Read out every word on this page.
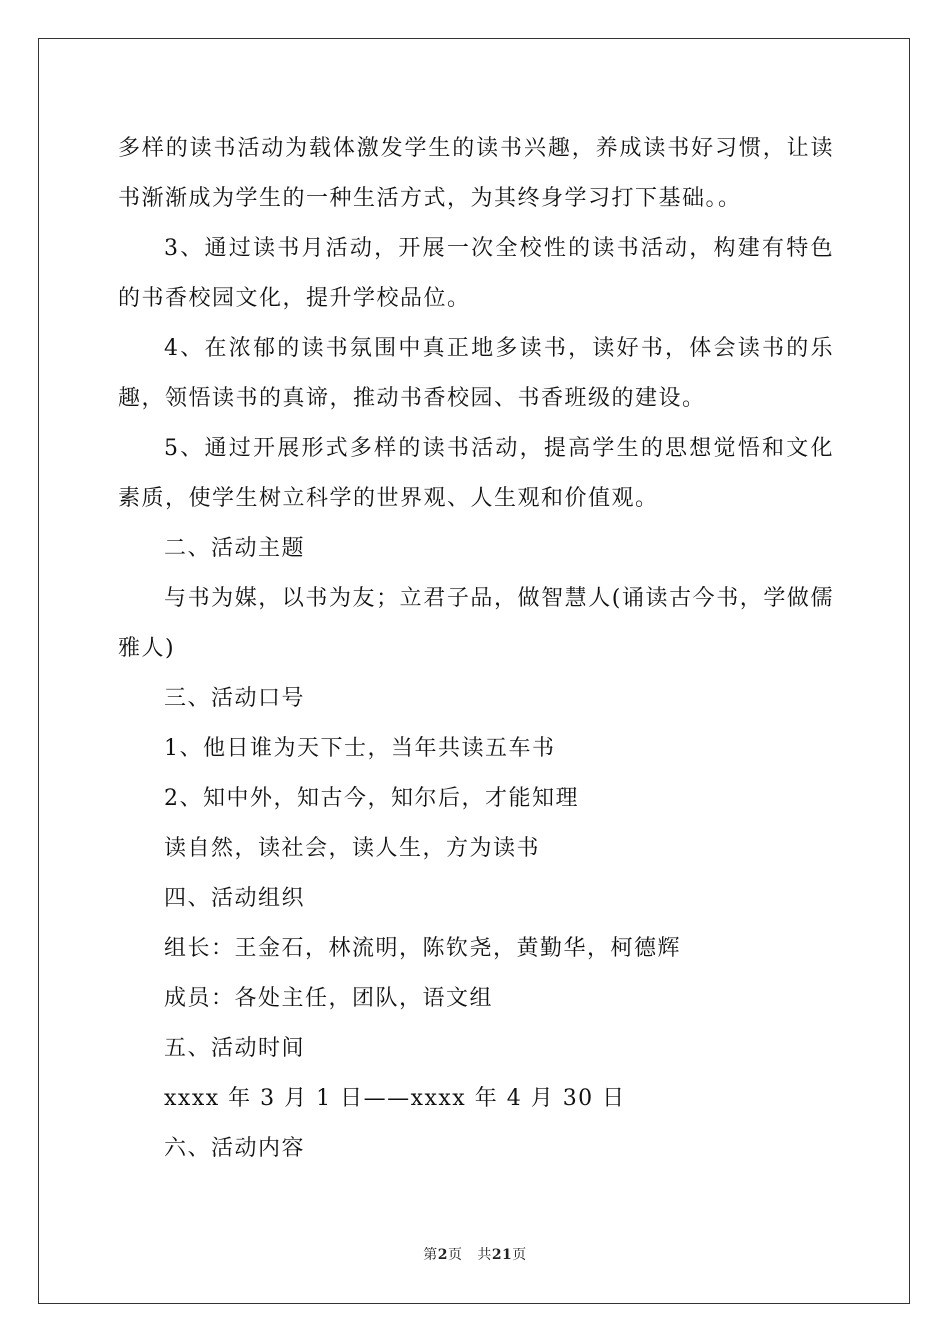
多样的读书活动为载体激发学生的读书兴趣，养成读书好习惯，让读书渐渐成为学生的一种生活方式，为其终身学习打下基础。。

3、通过读书月活动，开展一次全校性的读书活动，构建有特色的书香校园文化，提升学校品位。

4、在浓郁的读书氛围中真正地多读书，读好书，体会读书的乐趣，领悟读书的真谛，推动书香校园、书香班级的建设。

5、通过开展形式多样的读书活动，提高学生的思想觉悟和文化素质，使学生树立科学的世界观、人生观和价值观。

二、活动主题

与书为媒，以书为友；立君子品，做智慧人(诵读古今书，学做儒雅人)

三、活动口号

1、他日谁为天下士，当年共读五车书

2、知中外，知古今，知尔后，才能知理

读自然，读社会，读人生，方为读书

四、活动组织

组长：王金石，林流明，陈钦尧，黄勤华，柯德辉

成员：各处主任，团队，语文组

五、活动时间

xxxx 年 3 月 1 日——xxxx 年 4 月 30 日

六、活动内容

第2页 共21页
